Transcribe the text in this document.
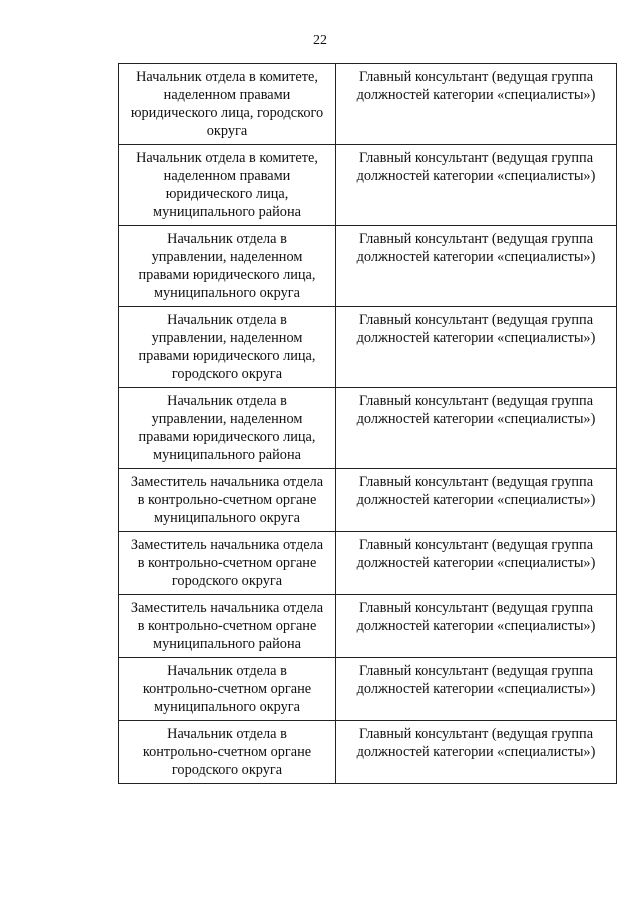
22
Начальник отдела в комитете,
наделенном правами
юридического лица, городского
округа	Главный консультант (ведущая группа
должностей категории «специалисты»)
Начальник отдела в комитете,
наделенном правами
юридического лица,
муниципального района	Главный консультант (ведущая группа
должностей категории «специалисты»)
Начальник отдела в
управлении, наделенном
правами юридического лица,
муниципального округа	Главный консультант (ведущая группа
должностей категории «специалисты»)
Начальник отдела в
управлении, наделенном
правами юридического лица,
городского округа	Главный консультант (ведущая группа
должностей категории «специалисты»)
Начальник отдела в
управлении, наделенном
правами юридического лица,
муниципального района	Главный консультант (ведущая группа
должностей категории «специалисты»)
Заместитель начальника отдела
в контрольно-счетном органе
муниципального округа	Главный консультант (ведущая группа
должностей категории «специалисты»)
Заместитель начальника отдела
в контрольно-счетном органе
городского округа	Главный консультант (ведущая группа
должностей категории «специалисты»)
Заместитель начальника отдела
в контрольно-счетном органе
муниципального района	Главный консультант (ведущая группа
должностей категории «специалисты»)
Начальник отдела в
контрольно-счетном органе
муниципального округа	Главный консультант (ведущая группа
должностей категории «специалисты»)
Начальник отдела в
контрольно-счетном органе
городского округа	Главный консультант (ведущая группа
должностей категории «специалисты»)
